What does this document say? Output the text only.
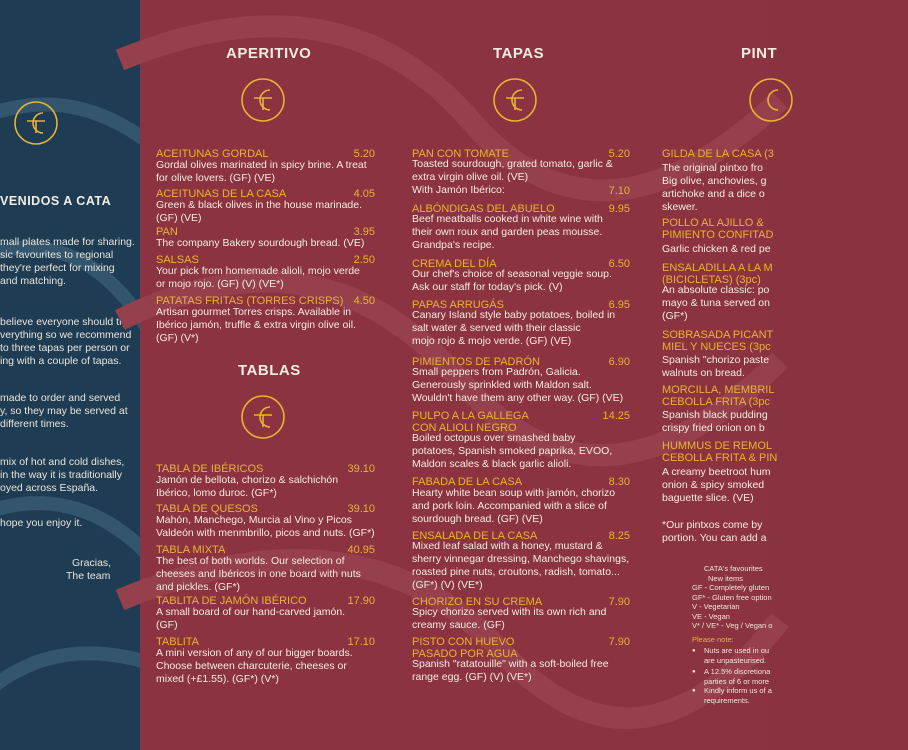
VENIDOS A CATA
mall plates made for sharing.
sic favourites to regional
they're perfect for mixing
and matching.
believe everyone should try
verything so we recommend
to three tapas per person or
ing with a couple of tapas.
made to order and served
y, so they may be served at
different times.
mix of hot and cold dishes,
in the way it is traditionally
oyed across España.
hope you enjoy it.
Gracias,
The team
APERITIVO	TAPAS	PINT
TABLAS
ACEITUNAS GORDAL	5.20
Gordal olives marinated in spicy brine. A treat
for olive lovers. (GF) (VE)
ACEITUNAS DE LA CASA	4.05
Green & black olives in the house marinade.
(GF) (VE)
PAN	3.95
The company Bakery sourdough bread. (VE)
SALSAS	2.50
Your pick from homemade alioli, mojo verde
or mojo rojo. (GF) (V) (VE*)
PATATAS FRITAS (TORRES CRISPS) 4.50
Artisan gourmet Torres crisps. Available in
Ibérico jamón, truffle & extra virgin olive oil.
(GF) (V*)
TABLA DE IBÉRICOS	39.10
Jamón de bellota, chorizo & salchichón
Ibérico, lomo duroc. (GF*)
TABLA DE QUESOS	39.10
Mahón, Manchego, Murcia al Vino y Picos
Valdeón with menmbrillo, picos and nuts. (GF*)
TABLA MIXTA	40.95
The best of both worlds. Our selection of
cheeses and Ibéricos in one board with nuts
and pickles. (GF*)
TABLITA DE JAMÓN IBÉRICO	17.90
A small board of our hand-carved jamón.
(GF)
TABLITA	17.10
A mini version of any of our bigger boards.
Choose between charcuterie, cheeses or
mixed (+£1.55). (GF*) (V*)
PAN CON TOMATE	5.20
Toasted sourdough, grated tomato, garlic &
extra virgin olive oil. (VE)
With Jamón Ibérico:	7.10
ALBÓNDIGAS DEL ABUELO	9.95
Beef meatballs cooked in white wine with
their own roux and garden peas mousse.
Grandpa's recipe.
CREMA DEL DÍA	6.50
Our chef's choice of seasonal veggie soup.
Ask our staff for today's pick. (V)
PAPAS ARRUGÁS	6.95
Canary Island style baby potatoes, boiled in
salt water & served with their classic
mojo rojo & mojo verde. (GF) (VE)
PIMIENTOS DE PADRÓN	6.90
Small peppers from Padrón, Galicia.
Generously sprinkled with Maldon salt.
Wouldn't have them any other way. (GF) (VE)
PULPO A LA GALLEGA
CON ALIOLI NEGRO
14.25
Boiled octopus over smashed baby
potatoes, Spanish smoked paprika, EVOO,
Maldon scales & black garlic alioli.
FABADA DE LA CASA	8.30
Hearty white bean soup with jamón, chorizo
and pork loin. Accompanied with a slice of
sourdough bread. (GF) (VE)
ENSALADA DE LA CASA	8.25
Mixed leaf salad with a honey, mustard &
sherry vinnegar dressing, Manchego shavings,
roasted pine nuts, croutons, radish, tomato...
(GF*) (V) (VE*)
CHORIZO EN SU CREMA	7.90
Spicy chorizo served with its own rich and
creamy sauce. (GF)
PISTO CON HUEVO
PASADO POR AGUA
7.90
Spanish "ratatouille" with a soft-boiled free
range egg. (GF) (V) (VE*)
GILDA DE LA CASA (3
The original pintxo fro
Big olive, anchovies, g
artichoke and a dice o
skewer.
POLLO AL AJILLO &
PIMIENTO CONFITAD
Garlic chicken & red pe
ENSALADILLA A LA M
(BICICLETAS) (3pc)
An absolute classic: po
mayo & tuna served on
(GF*)
SOBRASADA PICANT
MIEL Y NUECES (3pc
Spanish "chorizo paste
walnuts on bread.
MORCILLA, MEMBRIL
CEBOLLA FRITA (3pc
Spanish black pudding
crispy fried onion on b
HUMMUS DE REMOL
CEBOLLA FRITA & PIN
A creamy beetroot hum
onion & spicy smoked
baguette slice. (VE)
*Our pintxos come by
portion. You can add a
CATA's favourites
New items
GF - Completely gluten
GF* - Gluten free option
V - Vegetarian
VE - Vegan
V* / VE* - Veg / Vegan o
Please note:
● Nuts are used in ou
are unpasteurised.
● A 12.5% discretiona
parties of 6 or more
● Kindly inform us of a
requirements.
